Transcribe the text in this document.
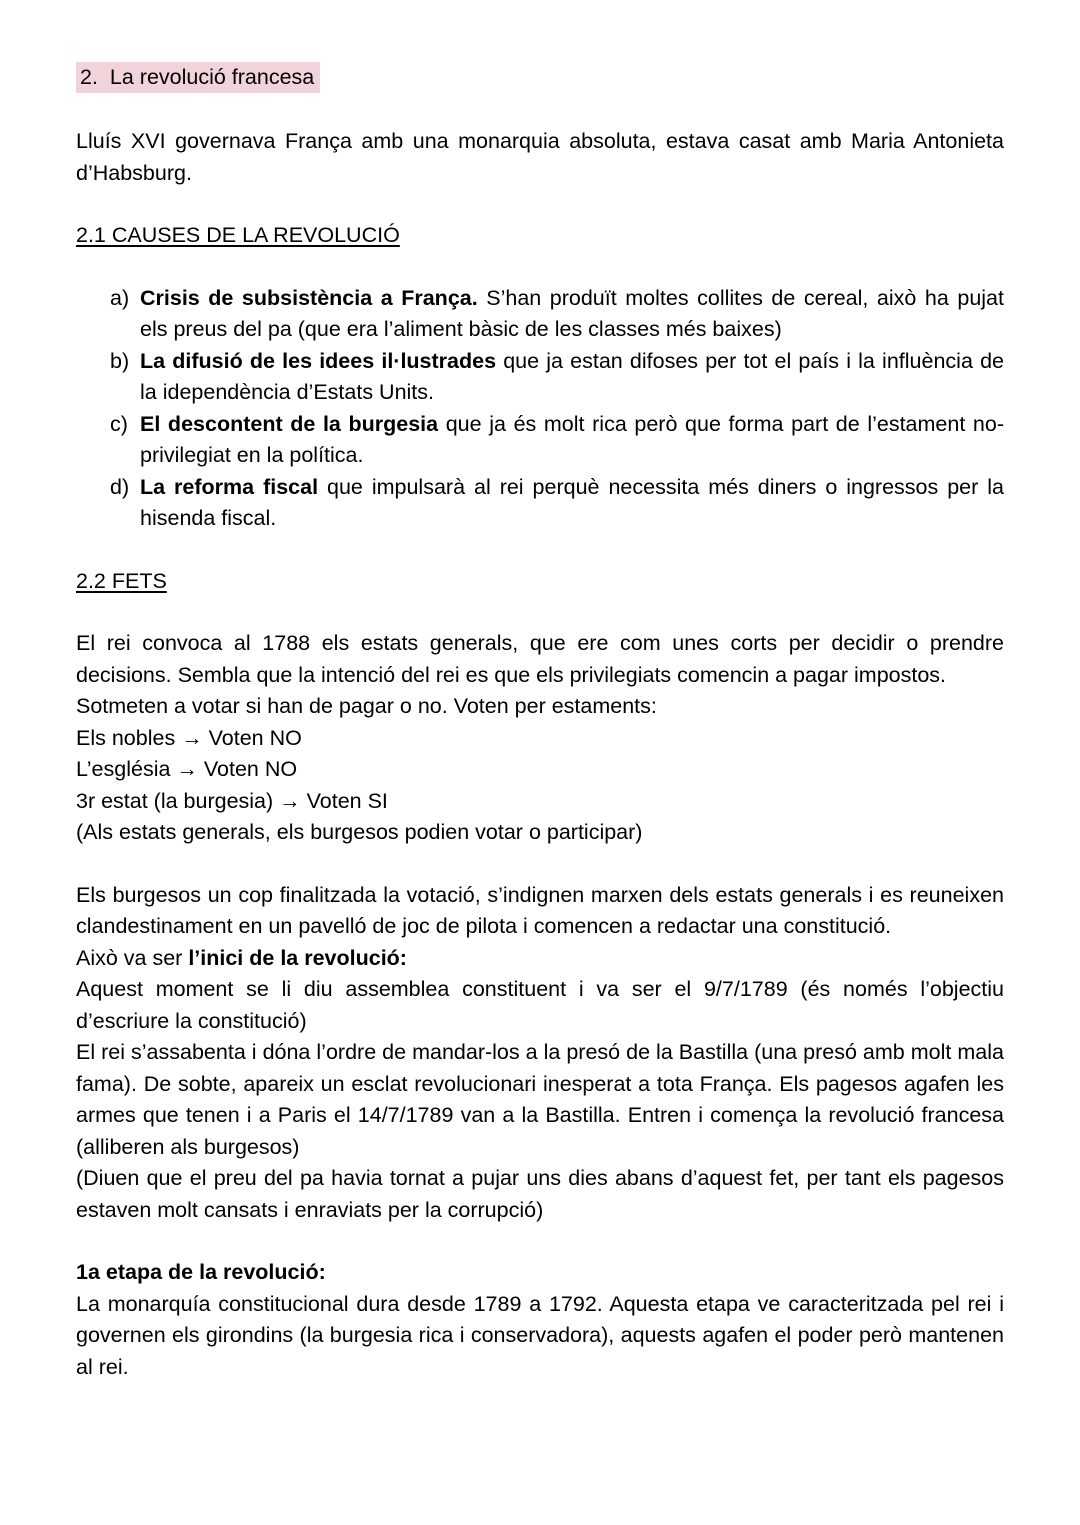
2. La revolució francesa

Lluís XVI governava França amb una monarquia absoluta, estava casat amb Maria Antonieta d’Habsburg.

2.1 CAUSES DE LA REVOLUCIÓ
a) Crisis de subsistència a França. S’han produït moltes collites de cereal, això ha pujat els preus del pa (que era l’aliment bàsic de les classes més baixes)
b) La difusió de les idees il·lustrades que ja estan difoses per tot el país i la influència de la idependència d’Estats Units.
c) El descontent de la burgesia que ja és molt rica però que forma part de l’estament no-privilegiat en la política.
d) La reforma fiscal que impulsarà al rei perquè necessita més diners o ingressos per la hisenda fiscal.
2.2 FETS

El rei convoca al 1788 els estats generals, que ere com unes corts per decidir o prendre decisions. Sembla que la intenció del rei es que els privilegiats comencin a pagar impostos.

Sotmeten a votar si han de pagar o no. Voten per estaments:

Els nobles → Voten NO

L’església → Voten NO

3r estat (la burgesia) → Voten SI

(Als estats generals, els burgesos podien votar o participar)

Els burgesos un cop finalitzada la votació, s’indignen marxen dels estats generals i es reuneixen clandestinament en un pavelló de joc de pilota i comencen a redactar una constitució.

Això va ser l’inici de la revolució:

Aquest moment se li diu assemblea constituent i va ser el 9/7/1789 (és només l’objectiu d’escriure la constitució)

El rei s’assabenta i dóna l’ordre de mandar-los a la presó de la Bastilla (una presó amb molt mala fama). De sobte, apareix un esclat revolucionari inesperat a tota França. Els pagesos agafen les armes que tenen i a Paris el 14/7/1789 van a la Bastilla. Entren i comença la revolució francesa (alliberen als burgesos)

(Diuen que el preu del pa havia tornat a pujar uns dies abans d’aquest fet, per tant els pagesos estaven molt cansats i enraviats per la corrupció)

1a etapa de la revolució:

La monarquía constitucional dura desde 1789 a 1792. Aquesta etapa ve caracteritzada pel rei i governen els girondins (la burgesia rica i conservadora), aquests agafen el poder però mantenen al rei.
